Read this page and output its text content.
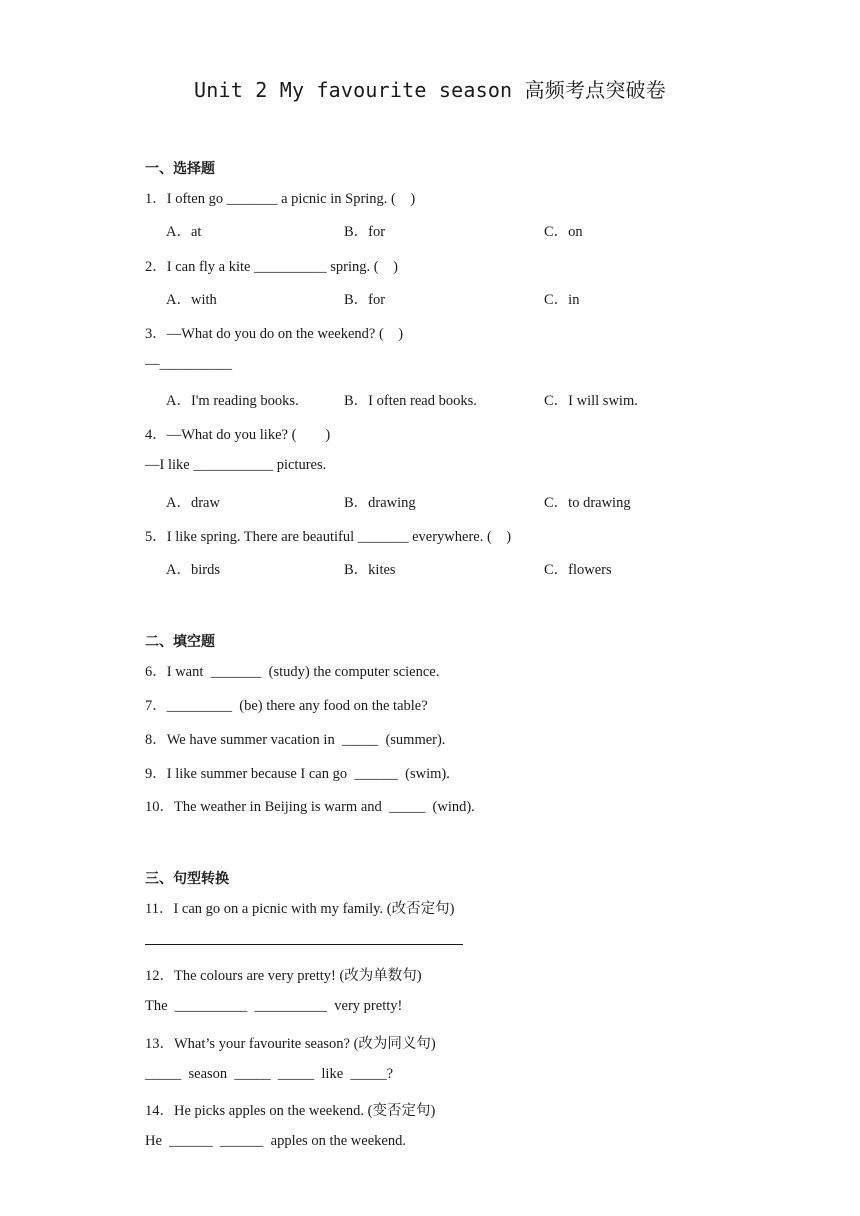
Unit 2 My favourite season 高频考点突破卷
一、选择题
1．I often go _______ a picnic in Spring. (    )
A．at	B．for	C．on
2．I can fly a kite __________ spring. (    )
A．with	B．for	C．in
3．—What do you do on the weekend? (    )
—__________
A．I'm reading books.	B．I often read books.	C．I will swim.
4．—What do you like? (        )
—I like ___________ pictures.
A．draw	B．drawing	C．to drawing
5．I like spring. There are beautiful _______ everywhere. (    )
A．birds	B．kites	C．flowers
二、填空题
6．I want  _______  (study) the computer science.
7．_________  (be) there any food on the table?
8．We have summer vacation in  _____  (summer).
9．I like summer because I can go  ______  (swim).
10．The weather in Beijing is warm and  _____  (wind).
三、句型转换
11．I can go on a picnic with my family. (改否定句)
12．The colours are very pretty! (改为单数句)
The  __________  __________  very pretty!
13．What’s your favourite season? (改为同义句)
_____  season  _____  _____  like  _____?
14．He picks apples on the weekend. (变否定句)
He  ______  ______  apples on the weekend.
